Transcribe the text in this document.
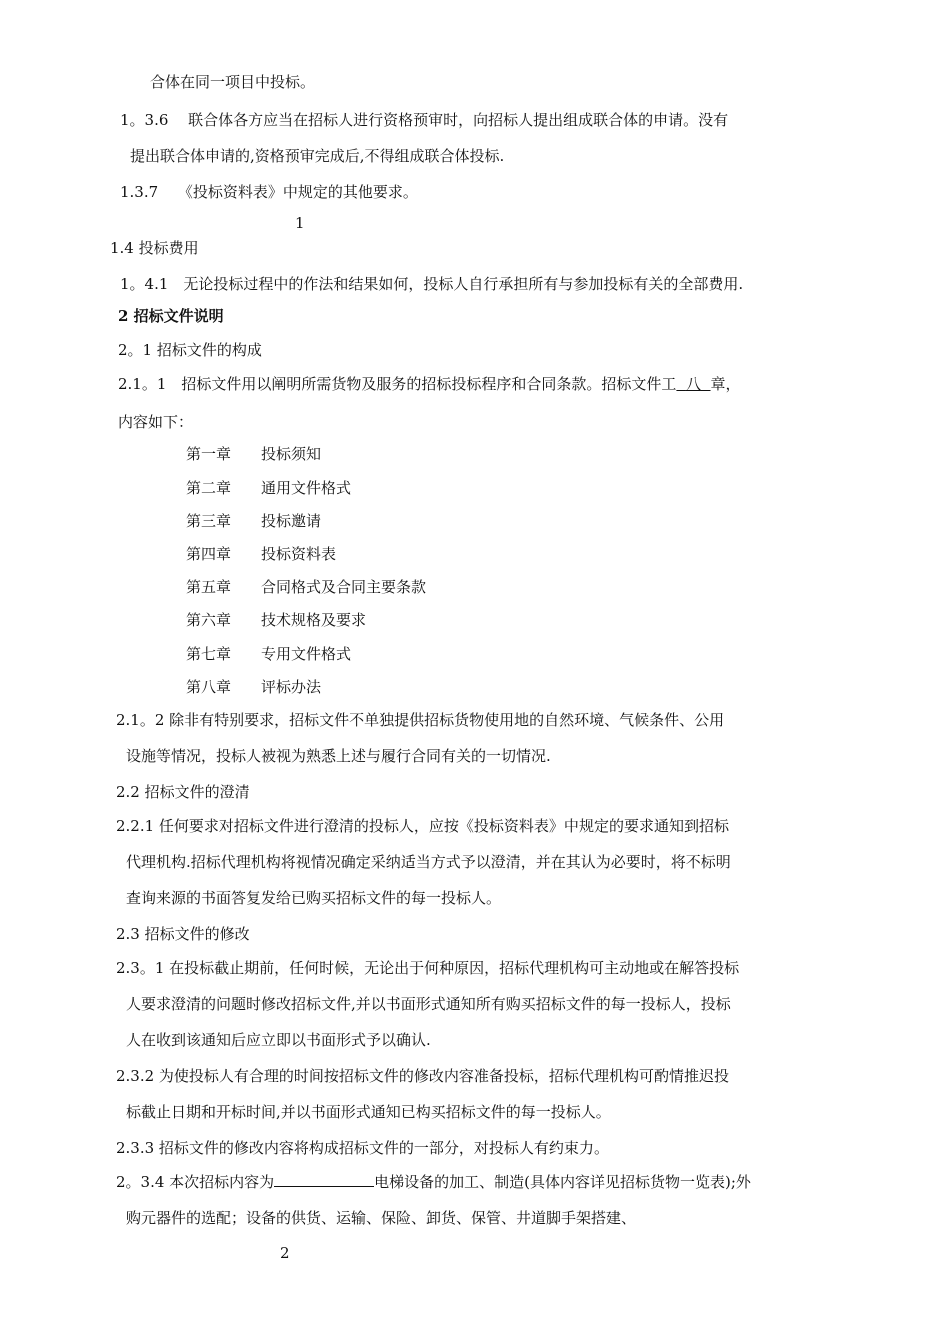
合体在同一项目中投标。
1。3.6　 联合体各方应当在招标人进行资格预审时，向招标人提出组成联合体的申请。没有
提出联合体申请的,资格预审完成后,不得组成联合体投标.
1.3.7　 《投标资料表》中规定的其他要求。
1
1.4 投标费用
1。4.1　无论投标过程中的作法和结果如何，投标人自行承担所有与参加投标有关的全部费用.
2 招标文件说明
2。1 招标文件的构成
2.1。1　招标文件用以阐明所需货物及服务的招标投标程序和合同条款。招标文件工 八 章，
内容如下：
第一章 投标须知
第二章 通用文件格式
第三章 投标邀请
第四章 投标资料表
第五章 合同格式及合同主要条款
第六章 技术规格及要求
第七章 专用文件格式
第八章 评标办法
2.1。2 除非有特别要求，招标文件不单独提供招标货物使用地的自然环境、气候条件、公用
设施等情况，投标人被视为熟悉上述与履行合同有关的一切情况.
2.2 招标文件的澄清
2.2.1 任何要求对招标文件进行澄清的投标人，应按《投标资料表》中规定的要求通知到招标
代理机构.招标代理机构将视情况确定采纳适当方式予以澄清，并在其认为必要时，将不标明
查询来源的书面答复发给已购买招标文件的每一投标人。
2.3 招标文件的修改
2.3。1 在投标截止期前，任何时候，无论出于何种原因，招标代理机构可主动地或在解答投标
人要求澄清的问题时修改招标文件,并以书面形式通知所有购买招标文件的每一投标人，投标
人在收到该通知后应立即以书面形式予以确认.
2.3.2 为使投标人有合理的时间按招标文件的修改内容准备投标，招标代理机构可酌情推迟投
标截止日期和开标时间,并以书面形式通知已构买招标文件的每一投标人。
2.3.3 招标文件的修改内容将构成招标文件的一部分，对投标人有约束力。
2。3.4 本次招标内容为	电梯设备的加工、制造(具体内容详见招标货物一览表);外
购元器件的选配；设备的供货、运输、保险、卸货、保管、井道脚手架搭建、
2
